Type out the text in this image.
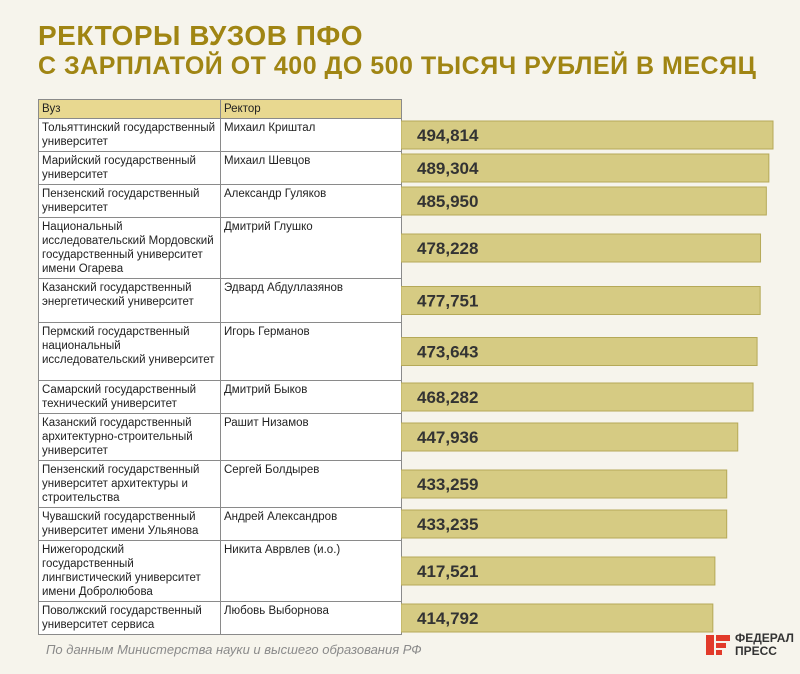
РЕКТОРЫ ВУЗОВ ПФО
С ЗАРПЛАТОЙ ОТ 400 ДО 500 ТЫСЯЧ РУБЛЕЙ В МЕСЯЦ
Вуз	Ректор
Тольяттинский государственный университет	Михаил Криштал
Марийский государственный университет	Михаил Шевцов
Пензенский государственный университет	Александр Гуляков
Национальный исследовательский Мордовский государственный университет имени Огарева	Дмитрий Глушко
Казанский государственный энергетический университет	Эдвард Абдуллазянов
Пермский государственный национальный исследовательский университет	Игорь Германов
Самарский государственный технический университет	Дмитрий Быков
Казанский государственный архитектурно-строительный университет	Рашит Низамов
Пензенский государственный университет архитектуры и строительства	Сергей Болдырев
Чувашский государственный университет имени Ульянова	Андрей Александров
Нижегородский государственный лингвистический университет имени Добролюбова	Никита Аврвлев (и.о.)
Поволжский государственный университет сервиса	Любовь Выборнова
494,814
489,304
485,950
478,228
477,751
473,643
468,282
447,936
433,259
433,235
417,521
414,792
По данным Министерства науки и высшего образования РФ
ФЕДЕРАЛ
ПРЕСС
